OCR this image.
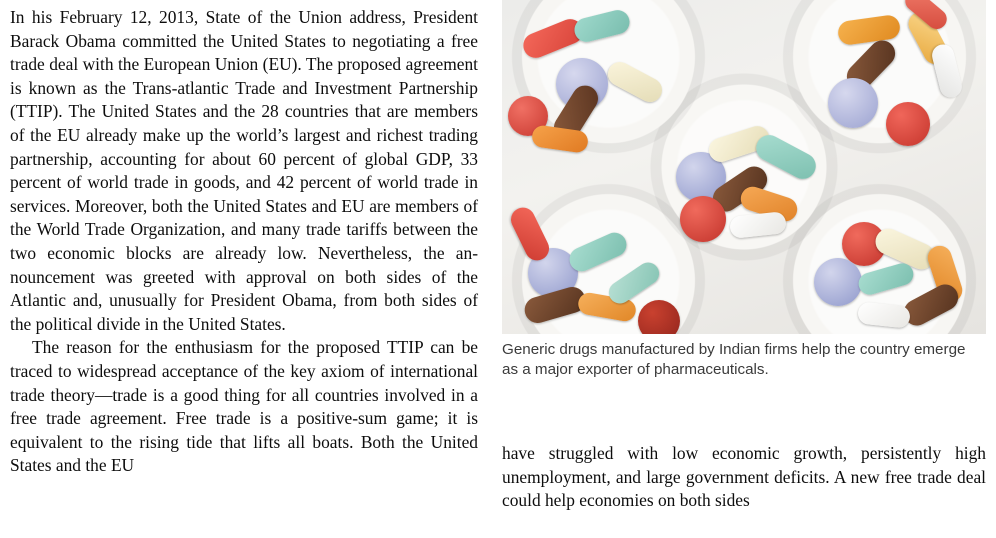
In his February 12, 2013, State of the Union address, President Barack Obama committed the United States to negotiating a free trade deal with the European Union (EU). The proposed agreement is known as the Trans-atlantic Trade and Investment Partnership (TTIP). The United States and the 28 countries that are members of the EU already make up the world’s largest and richest trading partnership, accounting for about 60 percent of global GDP, 33 percent of world trade in goods, and 42 percent of world trade in services. Moreover, both the United States and EU are members of the World Trade Organization, and many trade tariffs between the two economic blocks are already low. Nevertheless, the an-nouncement was greeted with approval on both sides of the Atlantic and, unusually for President Obama, from both sides of the political divide in the United States.

The reason for the enthusiasm for the proposed TTIP can be traced to widespread acceptance of the key axiom of international trade theory—trade is a good thing for all countries involved in a free trade agreement. Free trade is a positive-sum game; it is equivalent to the rising tide that lifts all boats. Both the United States and the EU

Generic drugs manufactured by Indian firms help the country emerge as a major exporter of pharmaceuticals.

have struggled with low economic growth, persistently high unemployment, and large government deficits. A new free trade deal could help economies on both sides
